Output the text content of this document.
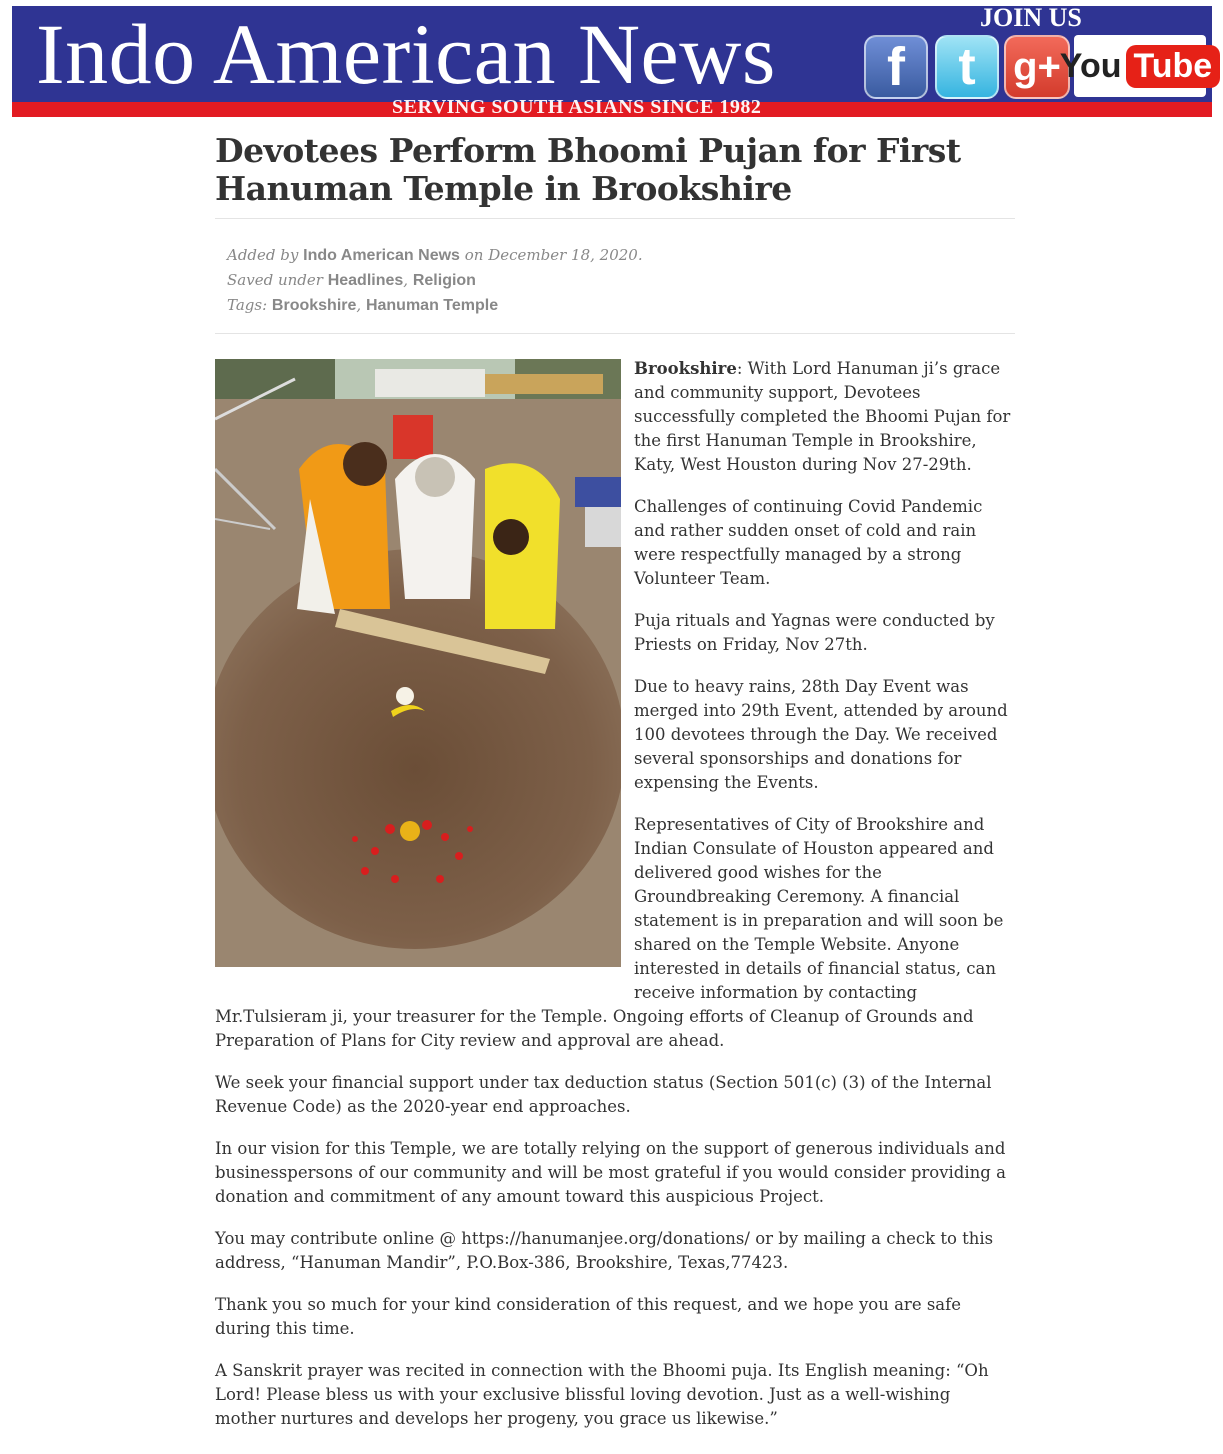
Indo American News
SERVING SOUTH ASIANS SINCE 1982
JOIN US
f	t g+
You Tube
Devotees Perform Bhoomi Pujan for First Hanuman Temple in Brookshire
Added by Indo American News on December 18, 2020.
Saved under Headlines, Religion
Tags: Brookshire, Hanuman Temple

Brookshire: With Lord Hanuman ji’s grace and community support, Devotees successfully completed the Bhoomi Pujan for the first Hanuman Temple in Brookshire, Katy, West Houston during Nov 27-29th.

Challenges of continuing Covid Pandemic and rather sudden onset of cold and rain were respectfully managed by a strong Volunteer Team.

Puja rituals and Yagnas were conducted by Priests on Friday, Nov 27th.

Due to heavy rains, 28th Day Event was merged into 29th Event, attended by around 100 devotees through the Day. We received several sponsorships and donations for expensing the Events.

Representatives of City of Brookshire and Indian Consulate of Houston appeared and delivered good wishes for the Groundbreaking Ceremony. A financial statement is in preparation and will soon be shared on the Temple Website. Anyone interested in details of financial status, can receive information by contacting Mr.Tulsieram ji, your treasurer for the Temple. Ongoing efforts of Cleanup of Grounds and Preparation of Plans for City review and approval are ahead.

We seek your financial support under tax deduction status (Section 501(c) (3) of the Internal Revenue Code) as the 2020-year end approaches.

In our vision for this Temple, we are totally relying on the support of generous individuals and businesspersons of our community and will be most grateful if you would consider providing a donation and commitment of any amount toward this auspicious Project.

You may contribute online @ https://hanumanjee.org/donations/ or by mailing a check to this address, “Hanuman Mandir”, P.O.Box-386, Brookshire, Texas,77423.

Thank you so much for your kind consideration of this request, and we hope you are safe during this time.

A Sanskrit prayer was recited in connection with the Bhoomi puja. Its English meaning: “Oh Lord! Please bless us with your exclusive blissful loving devotion. Just as a well-wishing mother nurtures and develops her progeny, you grace us likewise.”
